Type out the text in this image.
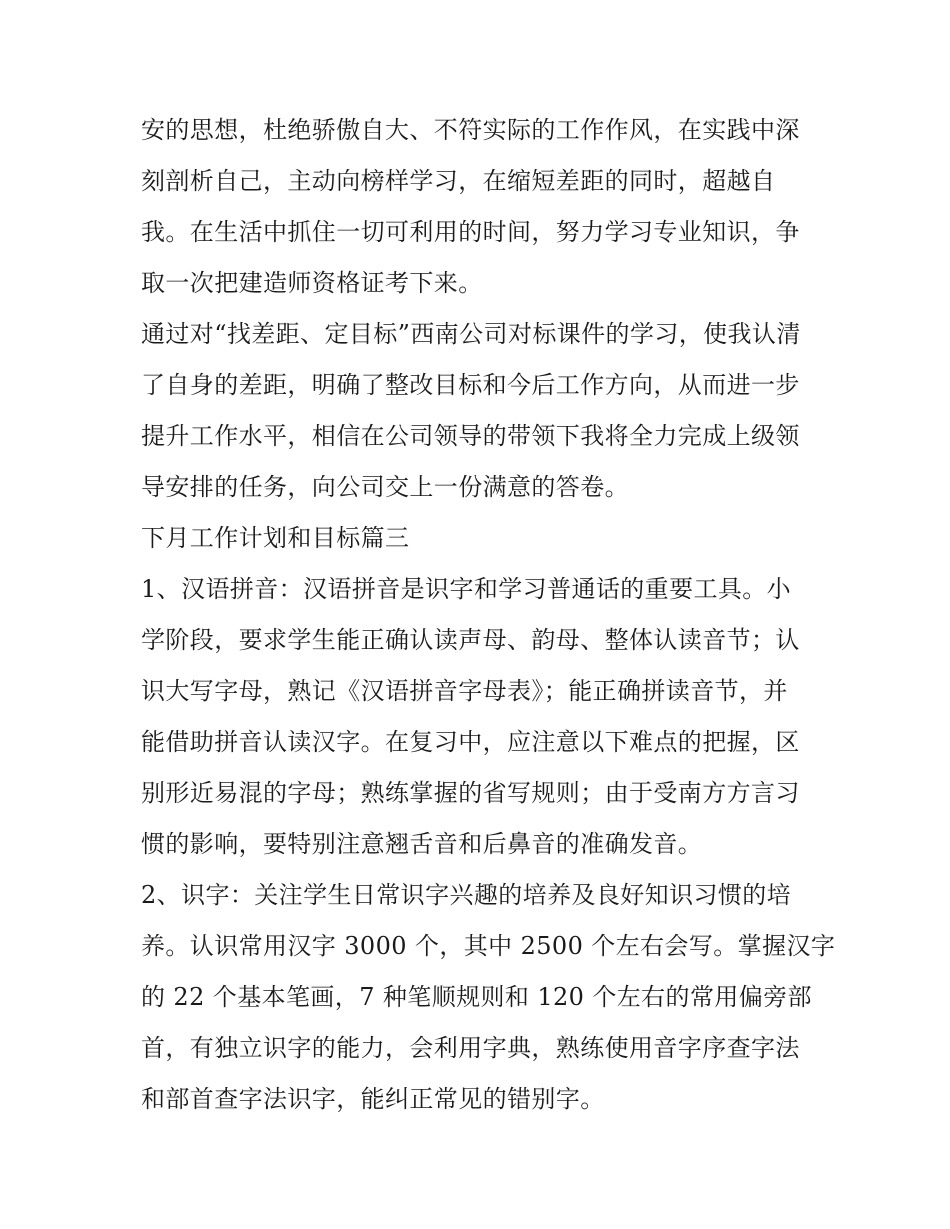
安的思想，杜绝骄傲自大、不符实际的工作作风，在实践中深
刻剖析自己，主动向榜样学习，在缩短差距的同时，超越自
我。在生活中抓住一切可利用的时间，努力学习专业知识，争
取一次把建造师资格证考下来。
通过对“找差距、定目标”西南公司对标课件的学习，使我认清
了自身的差距，明确了整改目标和今后工作方向，从而进一步
提升工作水平，相信在公司领导的带领下我将全力完成上级领
导安排的任务，向公司交上一份满意的答卷。
下月工作计划和目标篇三
1、汉语拼音：汉语拼音是识字和学习普通话的重要工具。小
学阶段，要求学生能正确认读声母、韵母、整体认读音节；认
识大写字母，熟记《汉语拼音字母表》；能正确拼读音节，并
能借助拼音认读汉字。在复习中，应注意以下难点的把握，区
别形近易混的字母；熟练掌握的省写规则；由于受南方方言习
惯的影响，要特别注意翘舌音和后鼻音的准确发音。
2、识字：关注学生日常识字兴趣的培养及良好知识习惯的培
养。认识常用汉字 3000 个，其中 2500 个左右会写。掌握汉字
的 22 个基本笔画，7 种笔顺规则和 120 个左右的常用偏旁部
首，有独立识字的能力，会利用字典，熟练使用音字序查字法
和部首查字法识字，能纠正常见的错别字。
